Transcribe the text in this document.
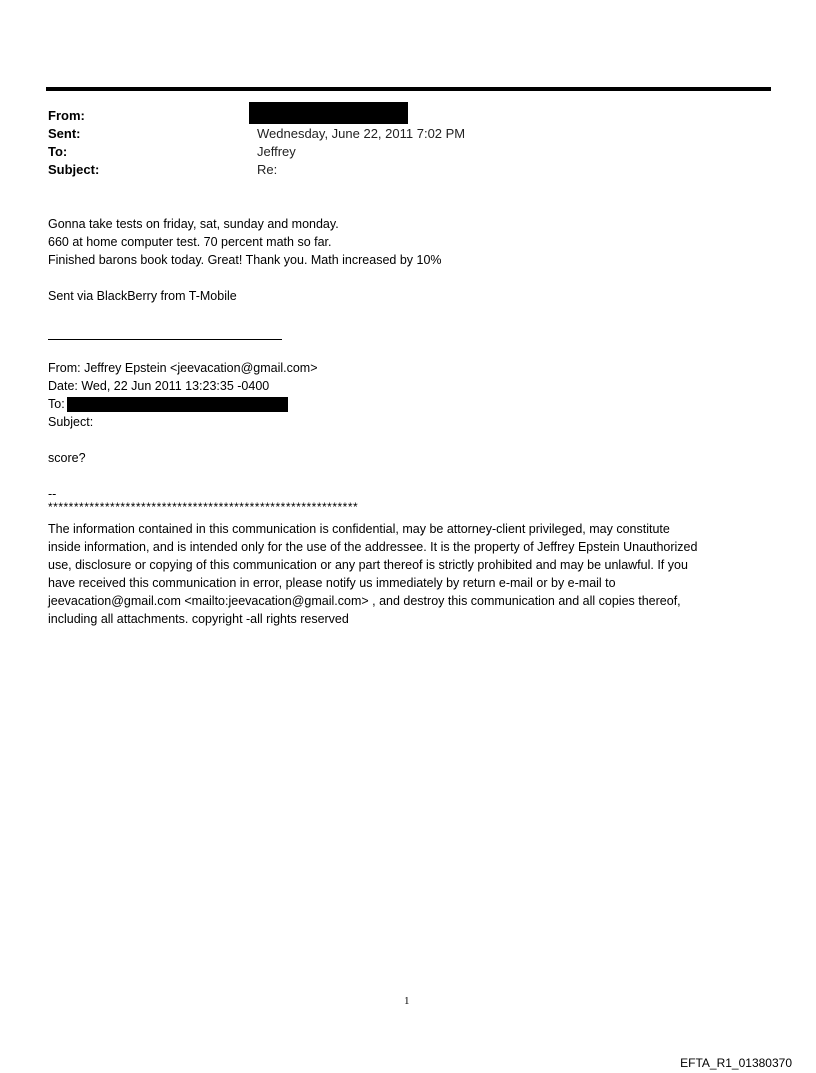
From:
Sent:
To:
Subject:
Wednesday, June 22, 2011 7:02 PM
Jeffrey
Re:
Gonna take tests on friday, sat, sunday and monday.
660 at home computer test. 70 percent math so far.
Finished barons book today. Great! Thank you. Math increased by 10%
Sent via BlackBerry from T-Mobile
From: Jeffrey Epstein <jeevacation@gmail.com>
Date: Wed, 22 Jun 2011 13:23:35 -0400
To:
Subject:
score?
--
************************************************************
The information contained in this communication is confidential, may be attorney-client privileged, may constitute
inside information, and is intended only for the use of the addressee. It is the property of Jeffrey Epstein Unauthorized
use, disclosure or copying of this communication or any part thereof is strictly prohibited and may be unlawful. If you
have received this communication in error, please notify us immediately by return e-mail or by e-mail to
jeevacation@gmail.com <mailto:jeevacation@gmail.com> , and destroy this communication and all copies thereof,
including all attachments. copyright -all rights reserved
1
EFTA_R1_01380370
